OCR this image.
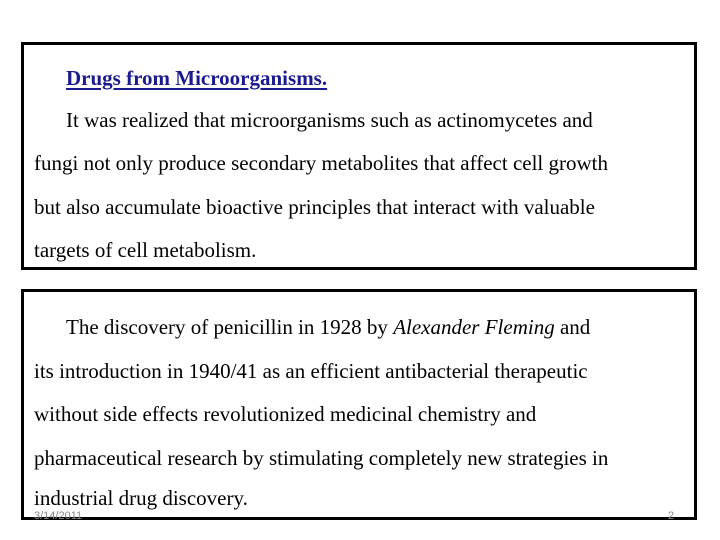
Drugs from Microorganisms.
It was realized that microorganisms such as actinomycetes and
fungi not only produce secondary metabolites that affect cell growth
but also accumulate bioactive principles that interact with valuable
targets of cell metabolism.
The discovery of penicillin in 1928 by Alexander Fleming and
its introduction in 1940/41 as an efficient antibacterial therapeutic
without side effects revolutionized medicinal chemistry and
pharmaceutical research by stimulating completely new strategies in
industrial drug discovery.
3/14/2011	2
